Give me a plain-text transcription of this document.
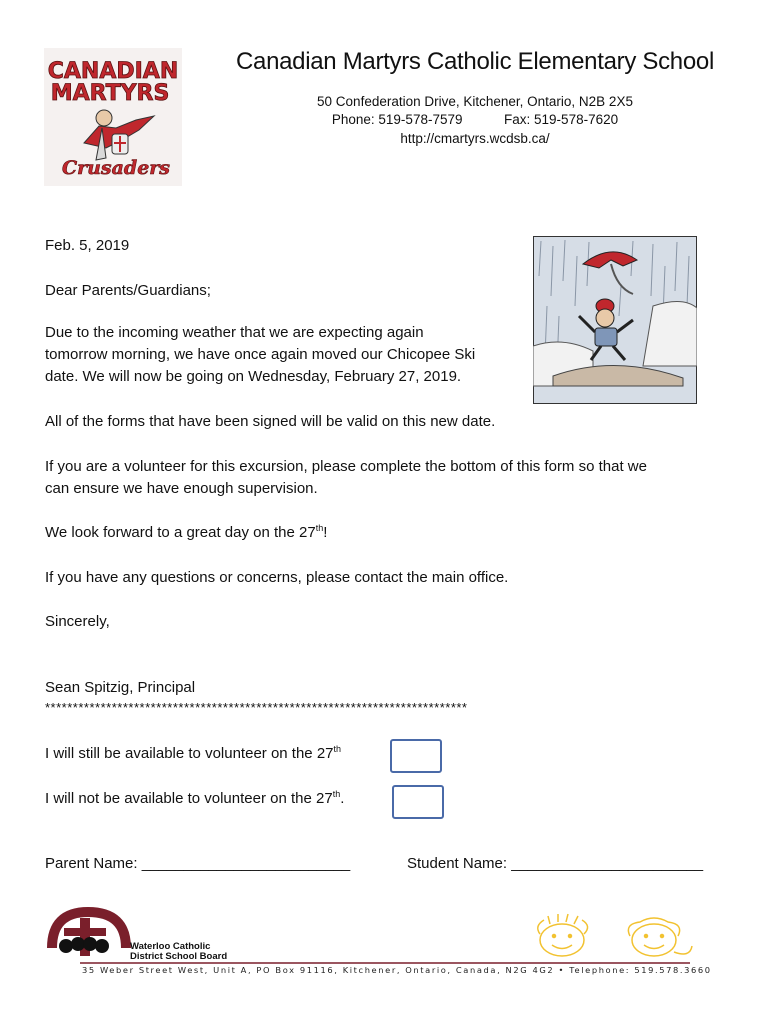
CANADIAN
MARTYRS
Crusaders
Canadian Martyrs Catholic Elementary School
50 Confederation Drive, Kitchener, Ontario, N2B 2X5
Phone: 519-578-7579	Fax: 519-578-7620
http://cmartyrs.wcdsb.ca/
Feb. 5, 2019
Dear Parents/Guardians;
Due to the incoming weather that we are expecting again
tomorrow morning, we have once again moved our Chicopee Ski
date. We will now be going on Wednesday, February 27, 2019.
All of the forms that have been signed will be valid on this new date.
If you are a volunteer for this excursion, please complete the bottom of this form so that we
can ensure we have enough supervision.
We look forward to a great day on the 27th!
If you have any questions or concerns, please contact the main office.
Sincerely,
Sean Spitzig, Principal
****************************************************************************
I will still be available to volunteer on the 27th
I will not be available to volunteer on the 27th.
Parent Name: _________________________	Student Name: _______________________
Waterloo Catholic
District School Board
35 Weber Street West, Unit A, PO Box 91116, Kitchener, Ontario, Canada, N2G 4G2 • Telephone: 519.578.3660
